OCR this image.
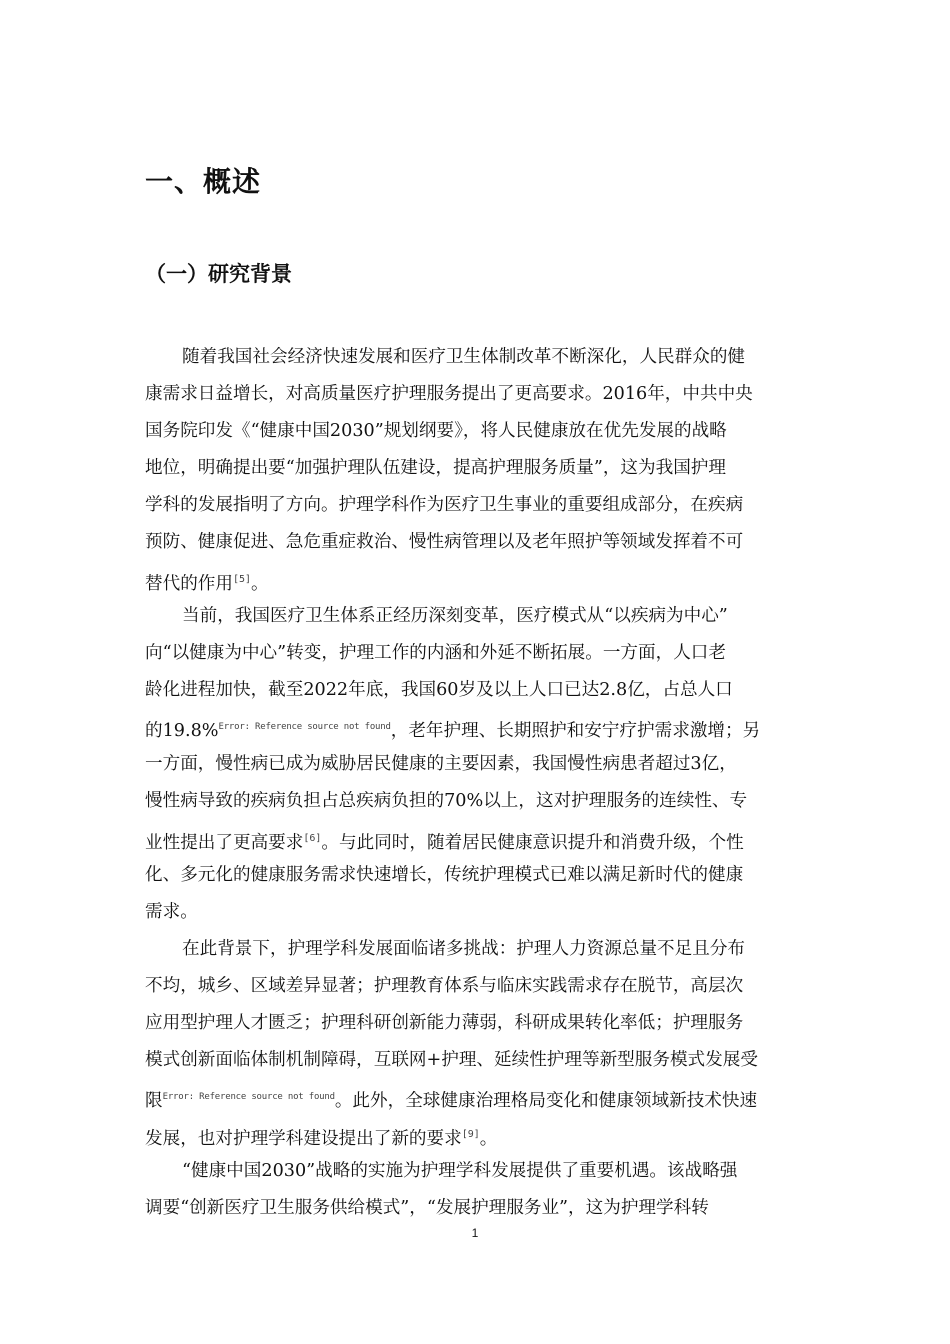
一、概述
（一）研究背景
随着我国社会经济快速发展和医疗卫生体制改革不断深化，人民群众的健
康需求日益增长，对高质量医疗护理服务提出了更高要求。2016年，中共中央
国务院印发《“健康中国2030”规划纲要》，将人民健康放在优先发展的战略
地位，明确提出要“加强护理队伍建设，提高护理服务质量”，这为我国护理
学科的发展指明了方向。护理学科作为医疗卫生事业的重要组成部分，在疾病
预防、健康促进、急危重症救治、慢性病管理以及老年照护等领域发挥着不可
替代的作用[5]。
当前，我国医疗卫生体系正经历深刻变革，医疗模式从“以疾病为中心”
向“以健康为中心”转变，护理工作的内涵和外延不断拓展。一方面，人口老
龄化进程加快，截至2022年底，我国60岁及以上人口已达2.8亿，占总人口
的19.8%$^{Error: Reference source not found}$，老年护理、长期照护和安宁疗护需求激增；另
一方面，慢性病已成为威胁居民健康的主要因素，我国慢性病患者超过3亿，
慢性病导致的疾病负担占总疾病负担的70%以上，这对护理服务的连续性、专
业性提出了更高要求[6]。与此同时，随着居民健康意识提升和消费升级，个性
化、多元化的健康服务需求快速增长，传统护理模式已难以满足新时代的健康
需求。
在此背景下，护理学科发展面临诸多挑战：护理人力资源总量不足且分布
不均，城乡、区域差异显著；护理教育体系与临床实践需求存在脱节，高层次
应用型护理人才匮乏；护理科研创新能力薄弱，科研成果转化率低；护理服务
模式创新面临体制机制障碍，互联网+护理、延续性护理等新型服务模式发展受
限$^{Error: Reference source not found}$。此外，全球健康治理格局变化和健康领域新技术快速
发展，也对护理学科建设提出了新的要求[9]。
“健康中国2030”战略的实施为护理学科发展提供了重要机遇。该战略强
调要“创新医疗卫生服务供给模式”，“发展护理服务业”，这为护理学科转
1
